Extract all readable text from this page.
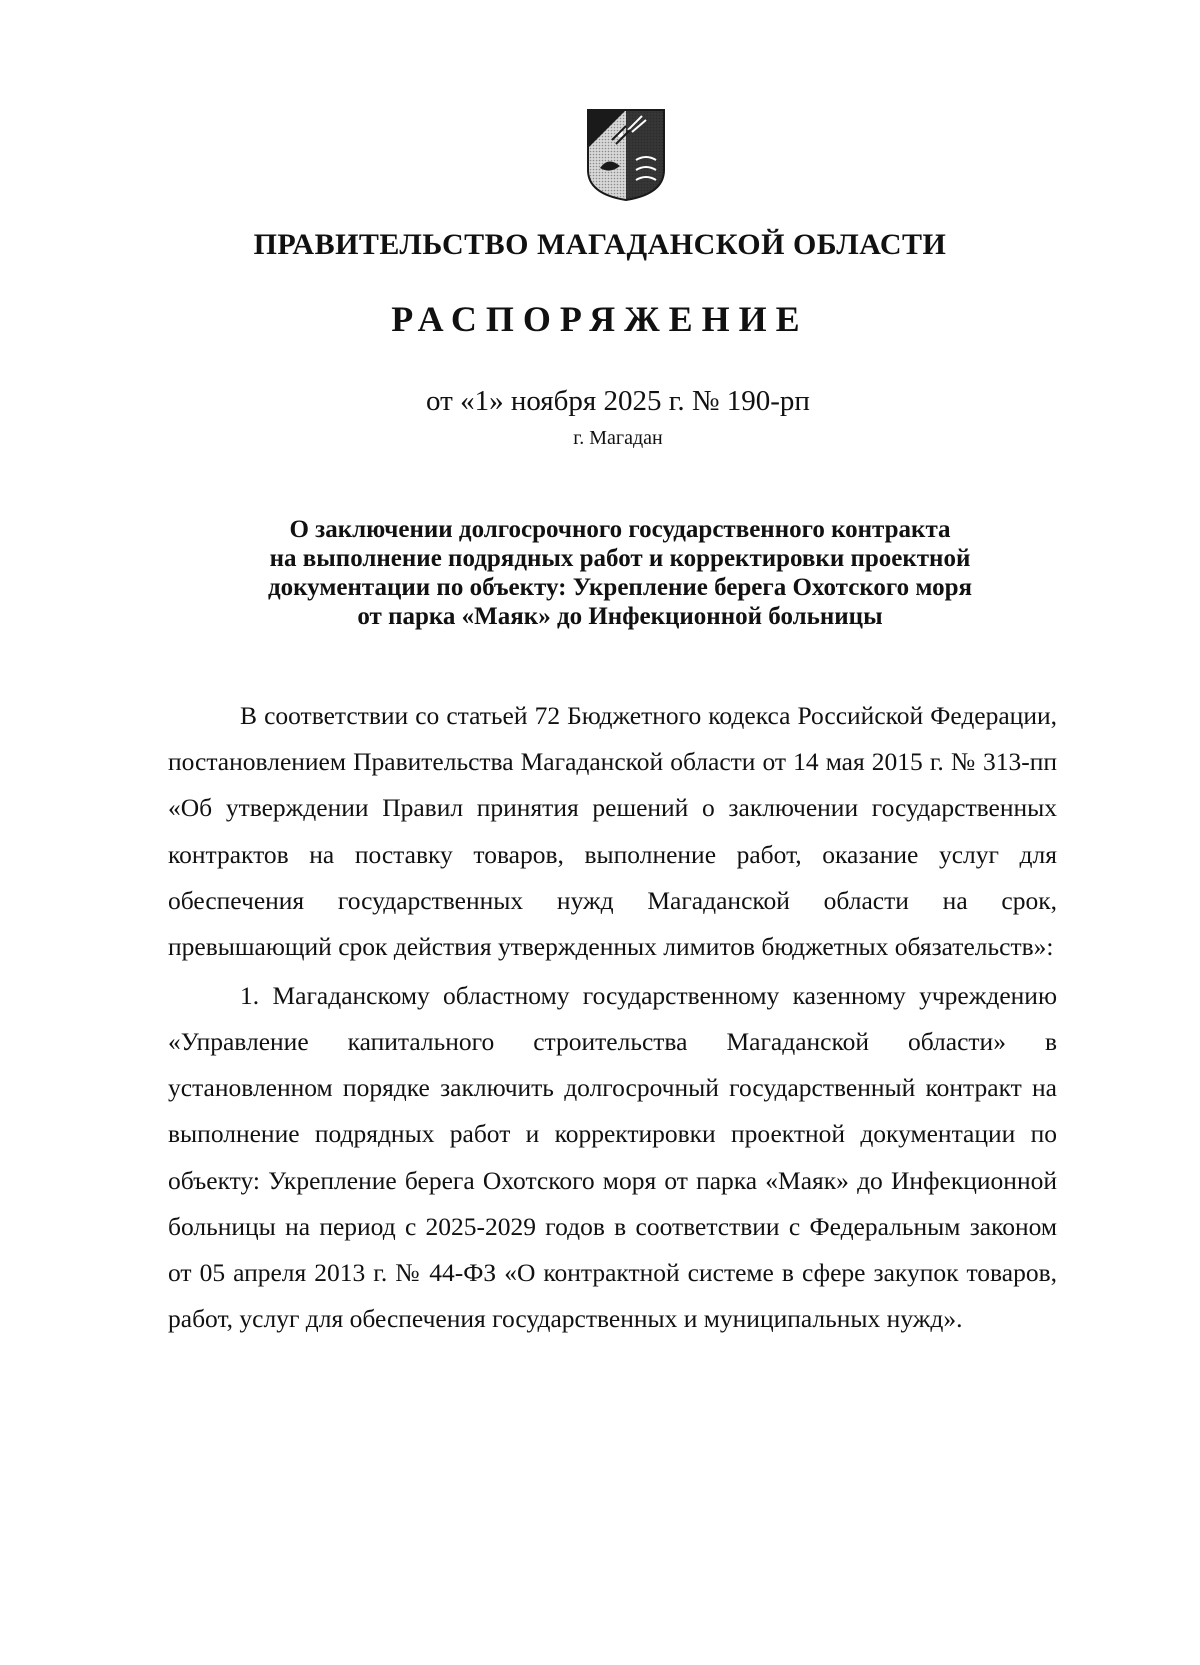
ПРАВИТЕЛЬСТВО МАГАДАНСКОЙ ОБЛАСТИ
РАСПОРЯЖЕНИЕ
от «1» ноября 2025 г. № 190-рп
г. Магадан
О заключении долгосрочного государственного контракта
на выполнение подрядных работ и корректировки проектной
документации по объекту: Укрепление берега Охотского моря
от парка «Маяк» до Инфекционной больницы

В соответствии со статьей 72 Бюджетного кодекса Российской Федерации, постановлением Правительства Магаданской области от 14 мая 2015 г. № 313-пп «Об утверждении Правил принятия решений о заключении государственных контрактов на поставку товаров, выполнение работ, оказание услуг для обеспечения государственных нужд Магаданской области на срок, превышающий срок действия утвержденных лимитов бюджетных обязательств»:

1. Магаданскому областному государственному казенному учреждению «Управление капитального строительства Магаданской области» в установленном порядке заключить долгосрочный государственный контракт на выполнение подрядных работ и корректировки проектной документации по объекту: Укрепление берега Охотского моря от парка «Маяк» до Инфекционной больницы на период с 2025-2029 годов в соответствии с Федеральным законом от 05 апреля 2013 г. № 44-ФЗ «О контрактной системе в сфере закупок товаров, работ, услуг для обеспечения государственных и муниципальных нужд».
